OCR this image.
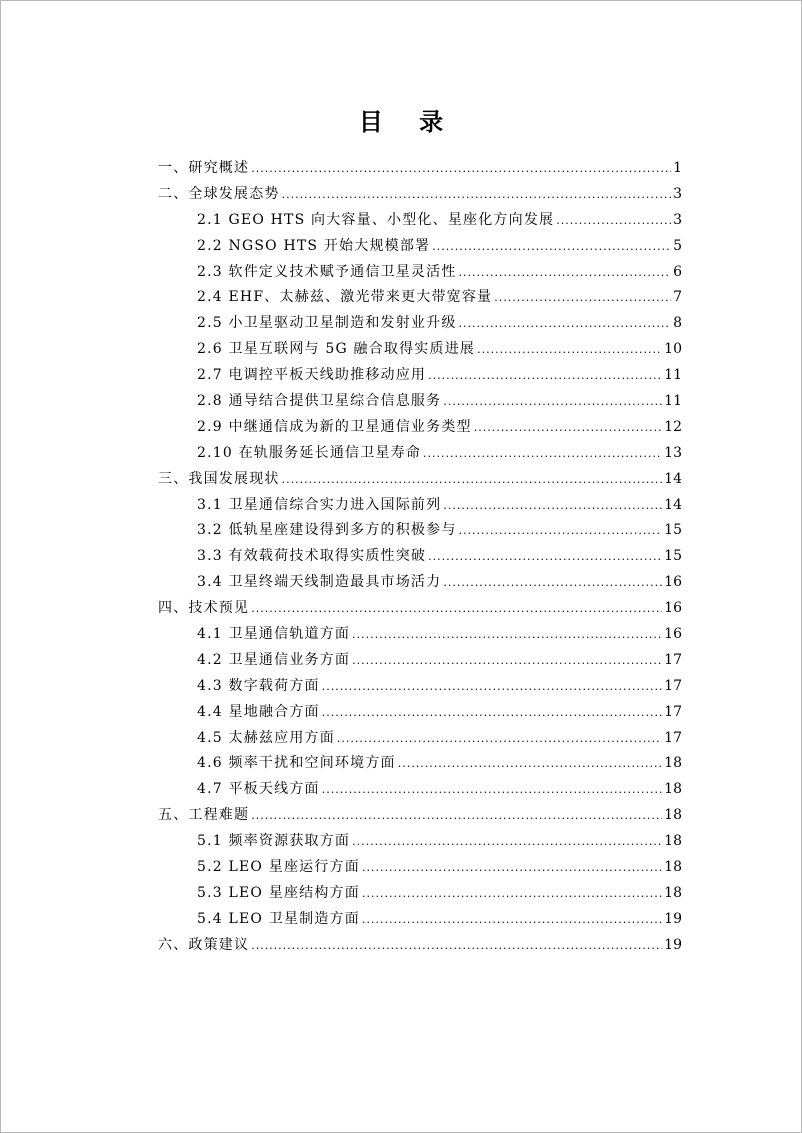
目 录
一、研究概述 .....	1
二、全球发展态势 .....	3
2.1 GEO HTS 向大容量、小型化、星座化方向发展 .....	3
2.2 NGSO HTS 开始大规模部署 .....	5
2.3 软件定义技术赋予通信卫星灵活性 .....	6
2.4 EHF、太赫兹、激光带来更大带宽容量 .....	7
2.5 小卫星驱动卫星制造和发射业升级 .....	8
2.6 卫星互联网与 5G 融合取得实质进展 .....	10
2.7 电调控平板天线助推移动应用 .....	11
2.8 通导结合提供卫星综合信息服务 .....	11
2.9 中继通信成为新的卫星通信业务类型 .....	12
2.10 在轨服务延长通信卫星寿命 .....	13
三、我国发展现状 .....	14
3.1 卫星通信综合实力进入国际前列 .....	14
3.2 低轨星座建设得到多方的积极参与 .....	15
3.3 有效载荷技术取得实质性突破 .....	15
3.4 卫星终端天线制造最具市场活力 .....	16
四、技术预见 .....	16
4.1 卫星通信轨道方面 .....	16
4.2 卫星通信业务方面 .....	17
4.3 数字载荷方面 .....	17
4.4 星地融合方面 .....	17
4.5 太赫兹应用方面 .....	17
4.6 频率干扰和空间环境方面 .....	18
4.7 平板天线方面 .....	18
五、工程难题 .....	18
5.1 频率资源获取方面 .....	18
5.2 LEO 星座运行方面 .....	18
5.3 LEO 星座结构方面 .....	18
5.4 LEO 卫星制造方面 .....	19
六、政策建议 .....	19
